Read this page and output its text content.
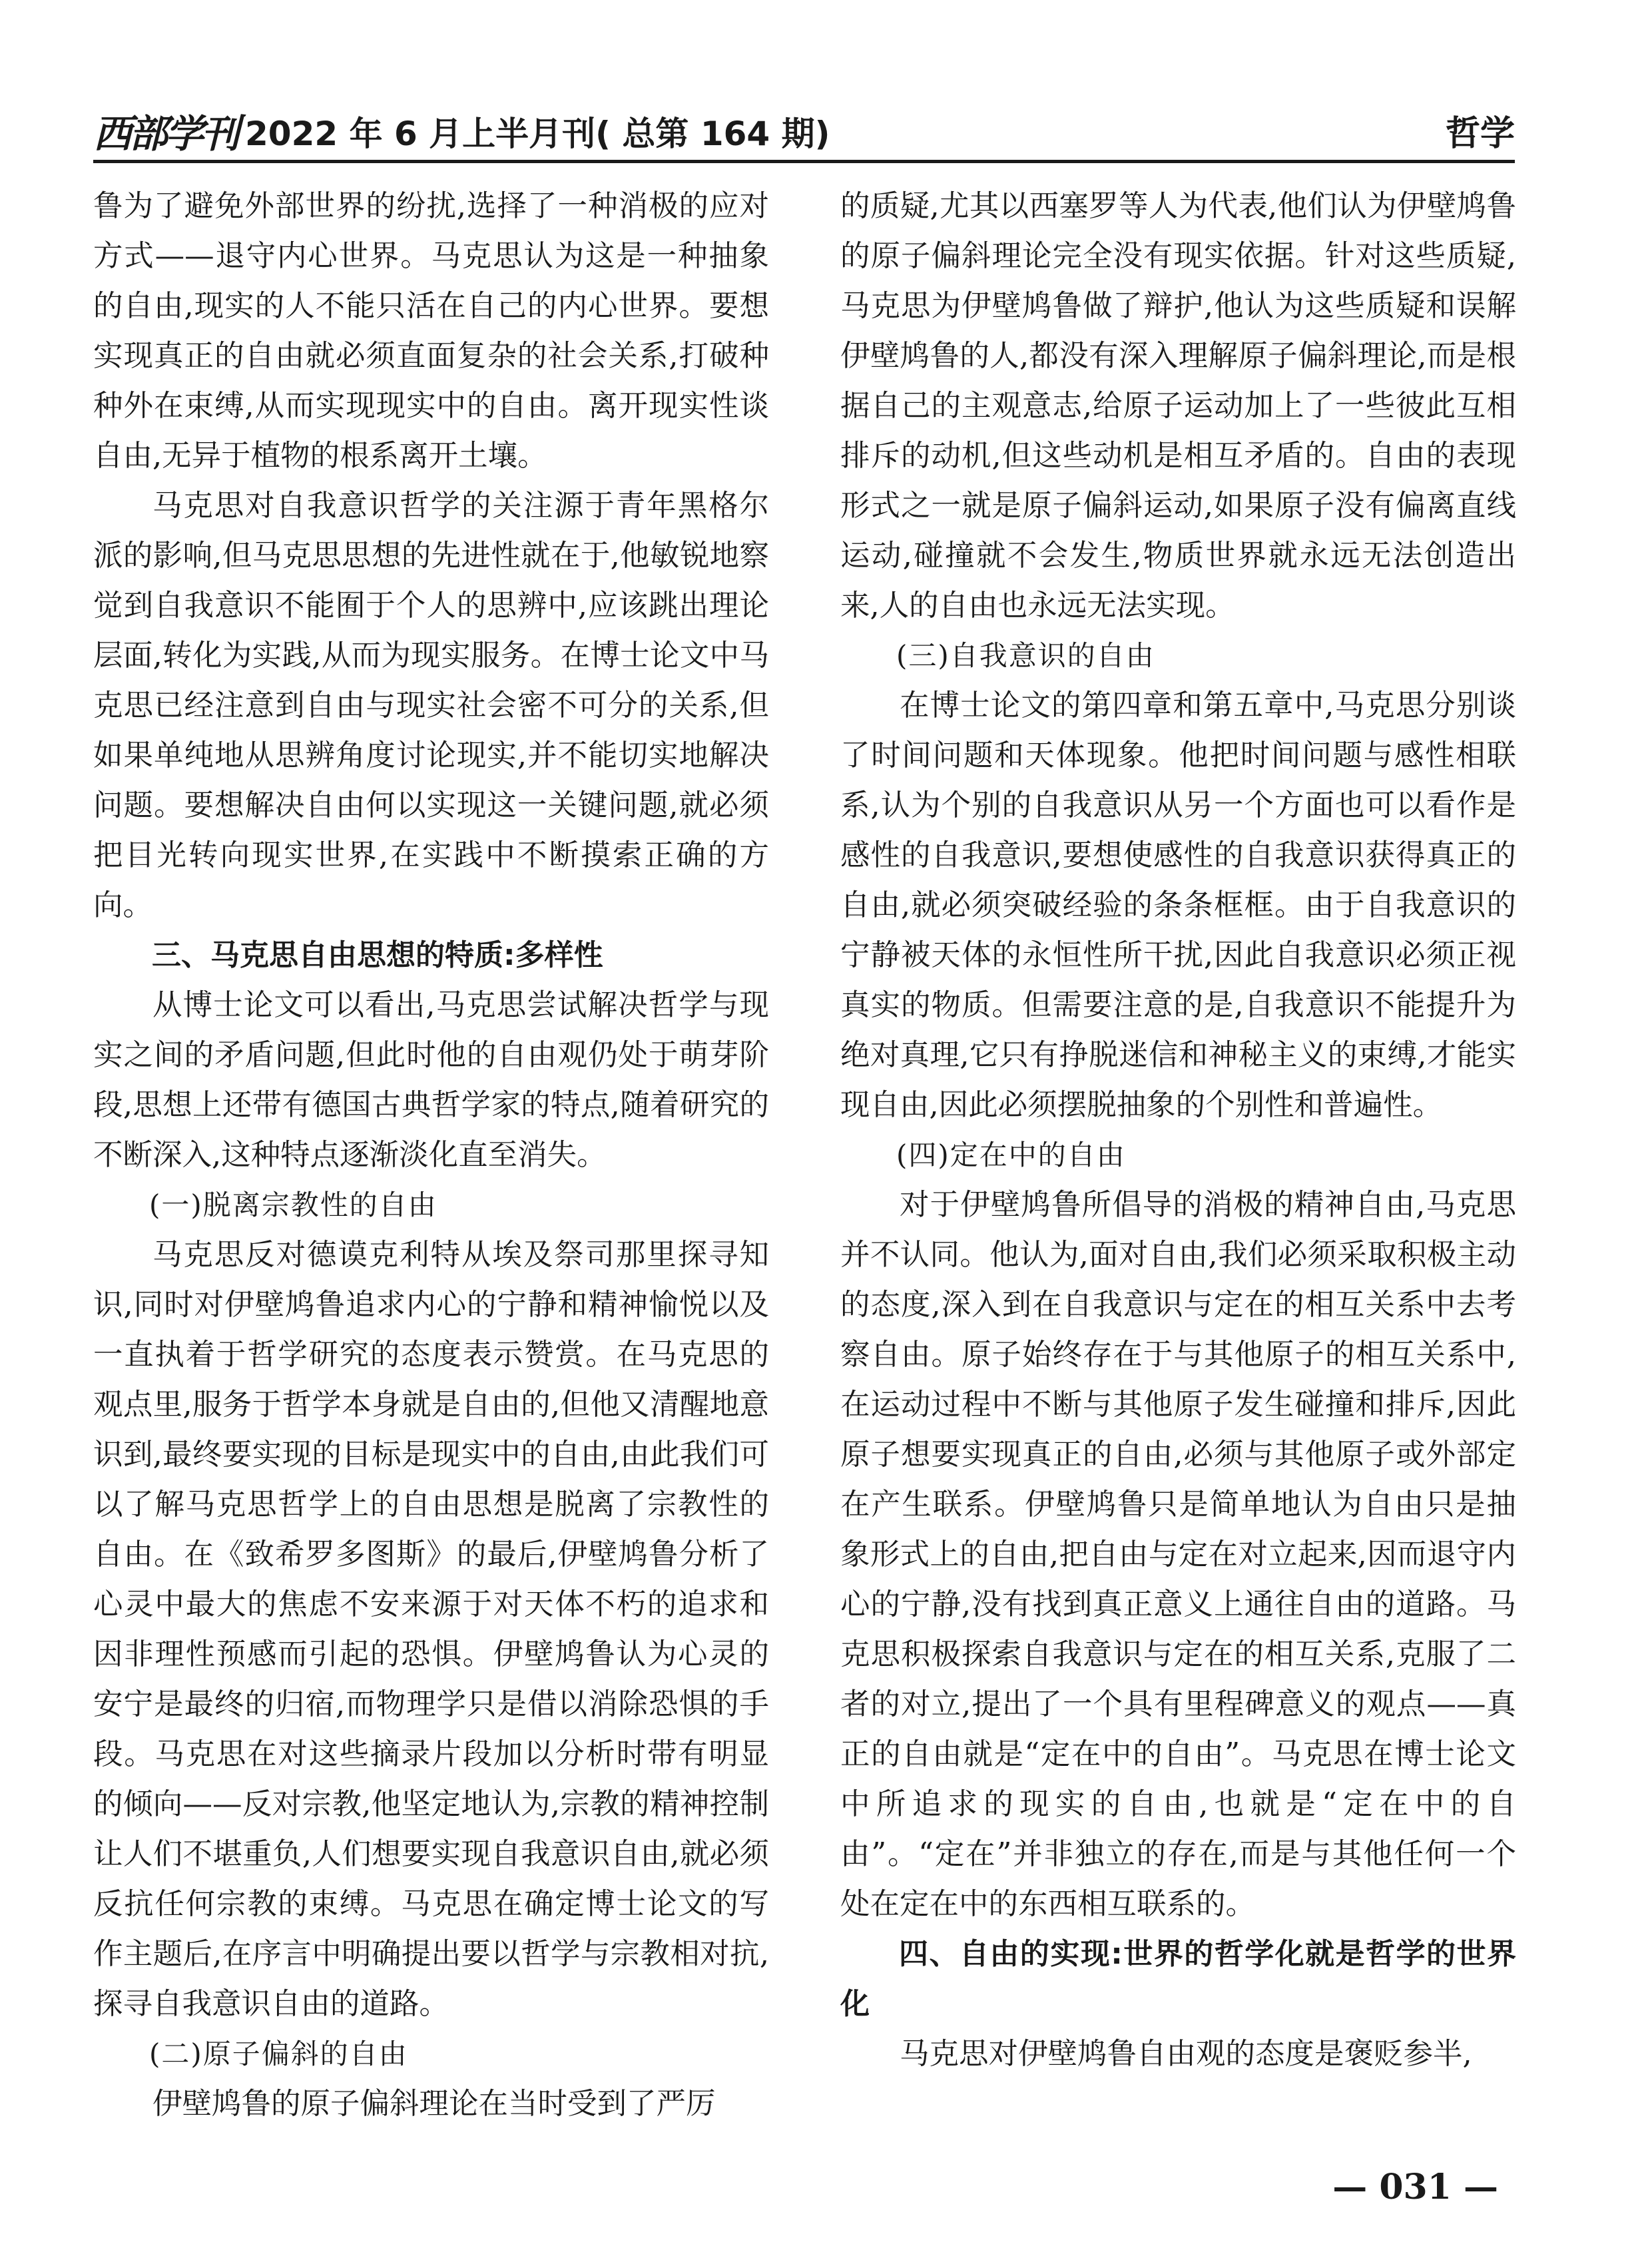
西部学刊 2022 年 6 月上半月刊( 总第 164 期)	哲学

鲁为了避免外部世界的纷扰,选择了一种消极的应对方式——退守内心世界。马克思认为这是一种抽象的自由,现实的人不能只活在自己的内心世界。要想实现真正的自由就必须直面复杂的社会关系,打破种种外在束缚,从而实现现实中的自由。离开现实性谈自由,无异于植物的根系离开土壤。

马克思对自我意识哲学的关注源于青年黑格尔派的影响,但马克思思想的先进性就在于,他敏锐地察觉到自我意识不能囿于个人的思辨中,应该跳出理论层面,转化为实践,从而为现实服务。在博士论文中马克思已经注意到自由与现实社会密不可分的关系,但如果单纯地从思辨角度讨论现实,并不能切实地解决问题。要想解决自由何以实现这一关键问题,就必须把目光转向现实世界,在实践中不断摸索正确的方向。

三、马克思自由思想的特质:多样性

从博士论文可以看出,马克思尝试解决哲学与现实之间的矛盾问题,但此时他的自由观仍处于萌芽阶段,思想上还带有德国古典哲学家的特点,随着研究的不断深入,这种特点逐渐淡化直至消失。

(一)脱离宗教性的自由

马克思反对德谟克利特从埃及祭司那里探寻知识,同时对伊壁鸠鲁追求内心的宁静和精神愉悦以及一直执着于哲学研究的态度表示赞赏。在马克思的观点里,服务于哲学本身就是自由的,但他又清醒地意识到,最终要实现的目标是现实中的自由,由此我们可以了解马克思哲学上的自由思想是脱离了宗教性的自由。在《致希罗多图斯》的最后,伊壁鸠鲁分析了心灵中最大的焦虑不安来源于对天体不朽的追求和因非理性预感而引起的恐惧。伊壁鸠鲁认为心灵的安宁是最终的归宿,而物理学只是借以消除恐惧的手段。马克思在对这些摘录片段加以分析时带有明显的倾向——反对宗教,他坚定地认为,宗教的精神控制让人们不堪重负,人们想要实现自我意识自由,就必须反抗任何宗教的束缚。马克思在确定博士论文的写作主题后,在序言中明确提出要以哲学与宗教相对抗,探寻自我意识自由的道路。

(二)原子偏斜的自由

伊壁鸠鲁的原子偏斜理论在当时受到了严厉

的质疑,尤其以西塞罗等人为代表,他们认为伊壁鸠鲁的原子偏斜理论完全没有现实依据。针对这些质疑,马克思为伊壁鸠鲁做了辩护,他认为这些质疑和误解伊壁鸠鲁的人,都没有深入理解原子偏斜理论,而是根据自己的主观意志,给原子运动加上了一些彼此互相排斥的动机,但这些动机是相互矛盾的。自由的表现形式之一就是原子偏斜运动,如果原子没有偏离直线运动,碰撞就不会发生,物质世界就永远无法创造出来,人的自由也永远无法实现。

(三)自我意识的自由

在博士论文的第四章和第五章中,马克思分别谈了时间问题和天体现象。他把时间问题与感性相联系,认为个别的自我意识从另一个方面也可以看作是感性的自我意识,要想使感性的自我意识获得真正的自由,就必须突破经验的条条框框。由于自我意识的宁静被天体的永恒性所干扰,因此自我意识必须正视真实的物质。但需要注意的是,自我意识不能提升为绝对真理,它只有挣脱迷信和神秘主义的束缚,才能实现自由,因此必须摆脱抽象的个别性和普遍性。

(四)定在中的自由

对于伊壁鸠鲁所倡导的消极的精神自由,马克思并不认同。他认为,面对自由,我们必须采取积极主动的态度,深入到在自我意识与定在的相互关系中去考察自由。原子始终存在于与其他原子的相互关系中,在运动过程中不断与其他原子发生碰撞和排斥,因此原子想要实现真正的自由,必须与其他原子或外部定在产生联系。伊壁鸠鲁只是简单地认为自由只是抽象形式上的自由,把自由与定在对立起来,因而退守内心的宁静,没有找到真正意义上通往自由的道路。马克思积极探索自我意识与定在的相互关系,克服了二者的对立,提出了一个具有里程碑意义的观点——真正的自由就是“定在中的自由”。马克思在博士论文中所追求的现实的自由,也就是“定在中的自由”。“定在”并非独立的存在,而是与其他任何一个处在定在中的东西相互联系的。

四、自由的实现:世界的哲学化就是哲学的世界化

马克思对伊壁鸠鲁自由观的态度是褒贬参半,

— 031 —
